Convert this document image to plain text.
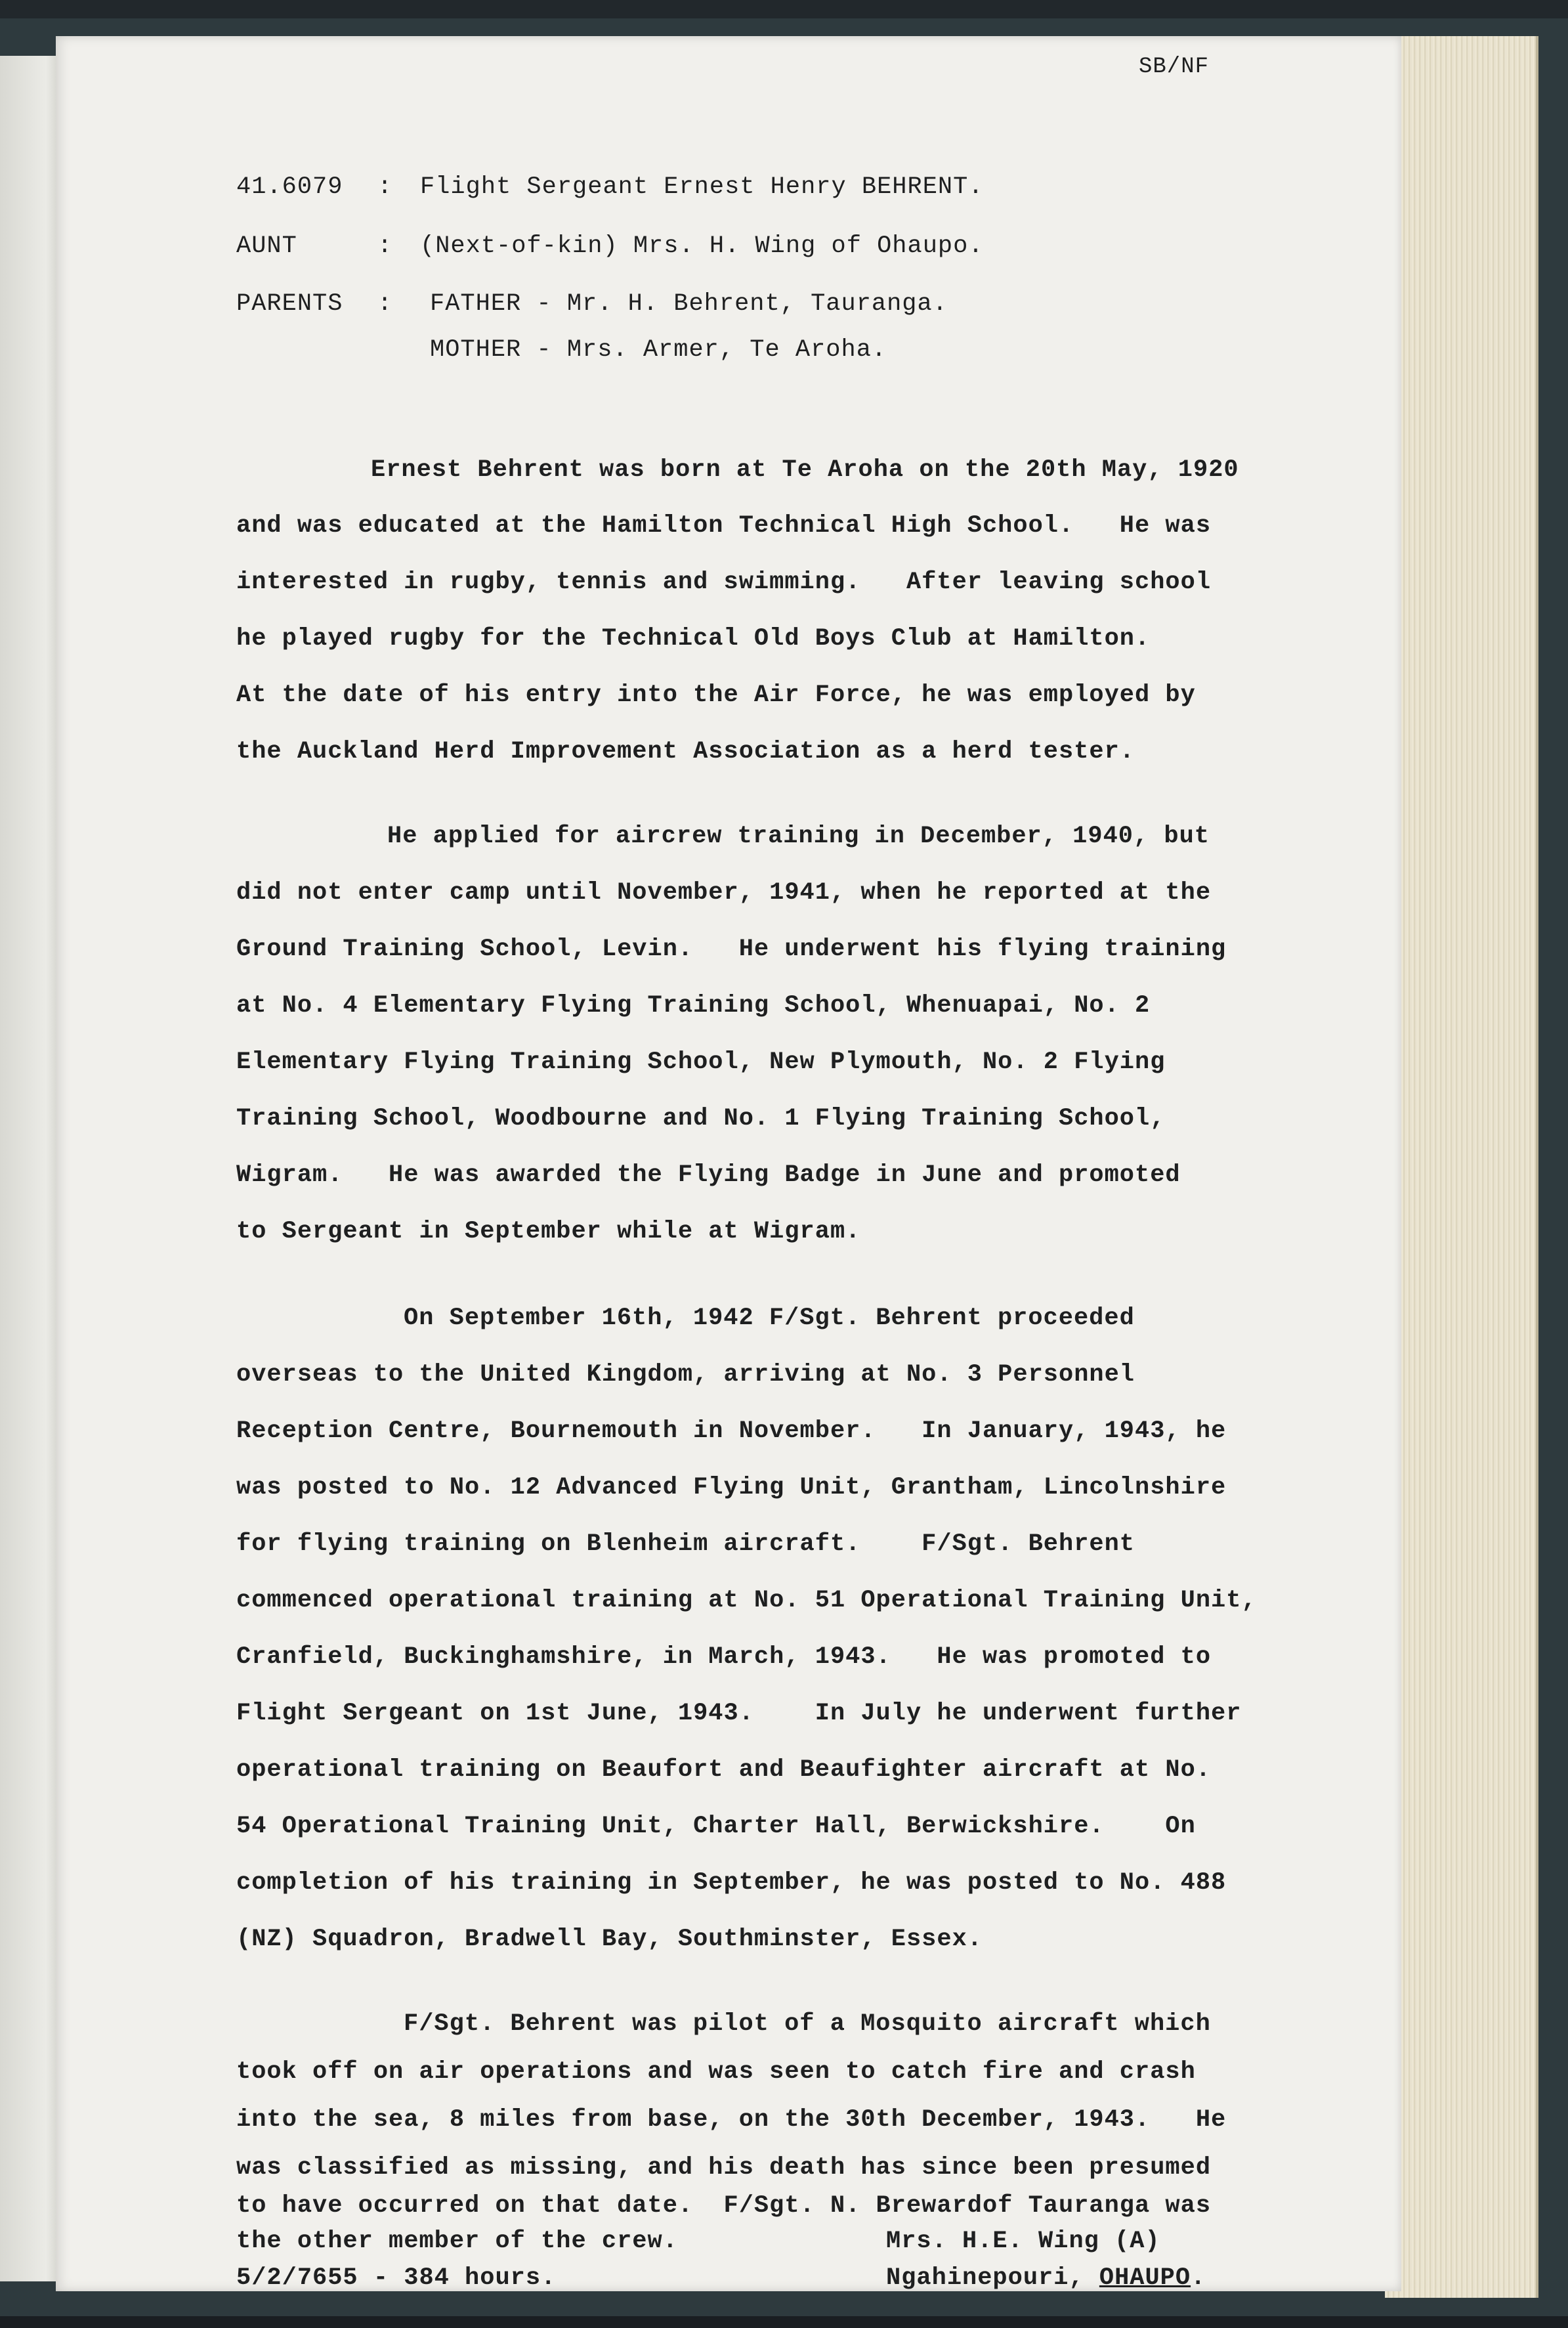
SB/NF
41.6079 : Flight Sergeant Ernest Henry BEHRENT.
AUNT	: (Next-of-kin) Mrs. H. Wing of Ohaupo.
PARENTS : FATHER - Mr. H. Behrent, Tauranga.
MOTHER - Mrs. Armer, Te Aroha.
Ernest Behrent was born at Te Aroha on the 20th May, 1920
and was educated at the Hamilton Technical High School.   He was
interested in rugby, tennis and swimming.   After leaving school
he played rugby for the Technical Old Boys Club at Hamilton.
At the date of his entry into the Air Force, he was employed by
the Auckland Herd Improvement Association as a herd tester.
He applied for aircrew training in December, 1940, but
did not enter camp until November, 1941, when he reported at the
Ground Training School, Levin.   He underwent his flying training
at No. 4 Elementary Flying Training School, Whenuapai, No. 2
Elementary Flying Training School, New Plymouth, No. 2 Flying
Training School, Woodbourne and No. 1 Flying Training School,
Wigram.   He was awarded the Flying Badge in June and promoted
to Sergeant in September while at Wigram.
On September 16th, 1942 F/Sgt. Behrent proceeded
overseas to the United Kingdom, arriving at No. 3 Personnel
Reception Centre, Bournemouth in November.   In January, 1943, he
was posted to No. 12 Advanced Flying Unit, Grantham, Lincolnshire
for flying training on Blenheim aircraft.    F/Sgt. Behrent
commenced operational training at No. 51 Operational Training Unit,
Cranfield, Buckinghamshire, in March, 1943.   He was promoted to
Flight Sergeant on 1st June, 1943.    In July he underwent further
operational training on Beaufort and Beaufighter aircraft at No.
54 Operational Training Unit, Charter Hall, Berwickshire.    On
completion of his training in September, he was posted to No. 488
(NZ) Squadron, Bradwell Bay, Southminster, Essex.
F/Sgt. Behrent was pilot of a Mosquito aircraft which
took off on air operations and was seen to catch fire and crash
into the sea, 8 miles from base, on the 30th December, 1943.   He
was classified as missing, and his death has since been presumed
to have occurred on that date.  F/Sgt. N. Brewardof Tauranga was
the other member of the crew.
5/2/7655 - 384 hours.
Mrs. H.E. Wing (A)
Ngahinepouri, OHAUPO.
